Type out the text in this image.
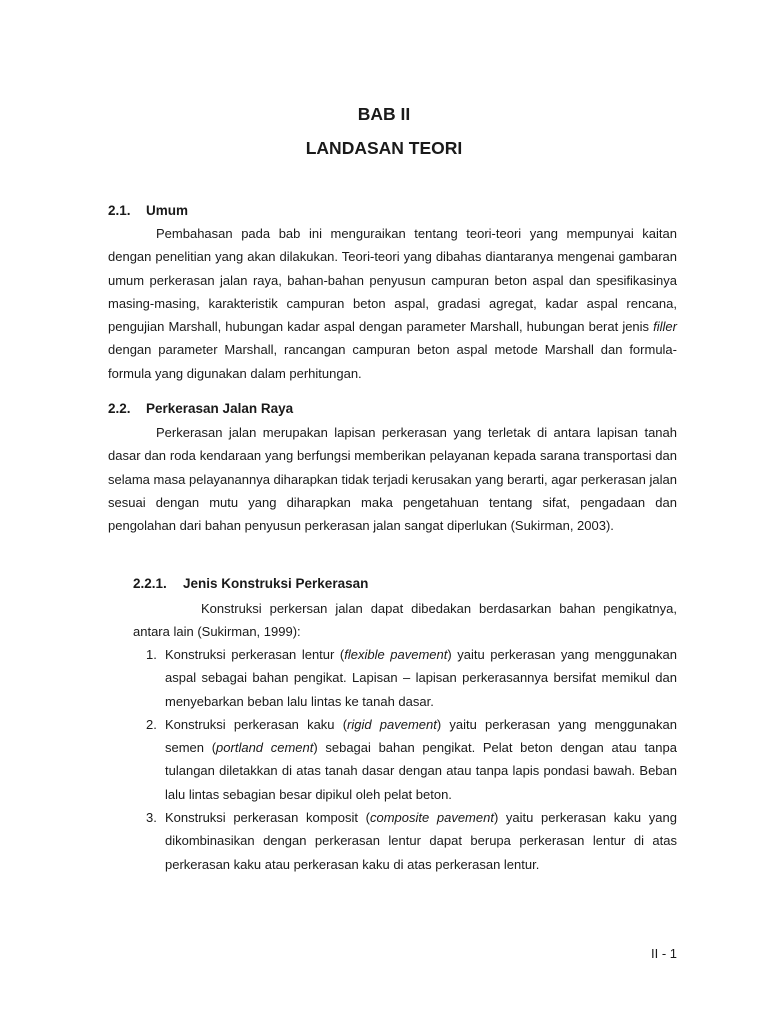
BAB II
LANDASAN TEORI
2.1. Umum

Pembahasan pada bab ini menguraikan tentang teori-teori yang mempunyai kaitan dengan penelitian yang akan dilakukan. Teori-teori yang dibahas diantaranya mengenai gambaran umum perkerasan jalan raya, bahan-bahan penyusun campuran beton aspal dan spesifikasinya masing-masing, karakteristik campuran beton aspal, gradasi agregat, kadar aspal rencana, pengujian Marshall, hubungan kadar aspal dengan parameter Marshall, hubungan berat jenis filler dengan parameter Marshall, rancangan campuran beton aspal metode Marshall dan formula-formula yang digunakan dalam perhitungan.

2.2. Perkerasan Jalan Raya

Perkerasan jalan merupakan lapisan perkerasan yang terletak di antara lapisan tanah dasar dan roda kendaraan yang berfungsi memberikan pelayanan kepada sarana transportasi dan selama masa pelayanannya diharapkan tidak terjadi kerusakan yang berarti, agar perkerasan jalan sesuai dengan mutu yang diharapkan maka pengetahuan tentang sifat, pengadaan dan pengolahan dari bahan penyusun perkerasan jalan sangat diperlukan (Sukirman, 2003).

2.2.1. Jenis Konstruksi Perkerasan

Konstruksi perkersan jalan dapat dibedakan berdasarkan bahan pengikatnya, antara lain (Sukirman, 1999):

1. Konstruksi perkerasan lentur (flexible pavement) yaitu perkerasan yang menggunakan aspal sebagai bahan pengikat. Lapisan – lapisan perkerasannya bersifat memikul dan menyebarkan beban lalu lintas ke tanah dasar.
2. Konstruksi perkerasan kaku (rigid pavement) yaitu perkerasan yang menggunakan semen (portland cement) sebagai bahan pengikat. Pelat beton dengan atau tanpa tulangan diletakkan di atas tanah dasar dengan atau tanpa lapis pondasi bawah. Beban lalu lintas sebagian besar dipikul oleh pelat beton.
3. Konstruksi perkerasan komposit (composite pavement) yaitu perkerasan kaku yang dikombinasikan dengan perkerasan lentur dapat berupa perkerasan lentur di atas perkerasan kaku atau perkerasan kaku di atas perkerasan lentur.
II - 1
